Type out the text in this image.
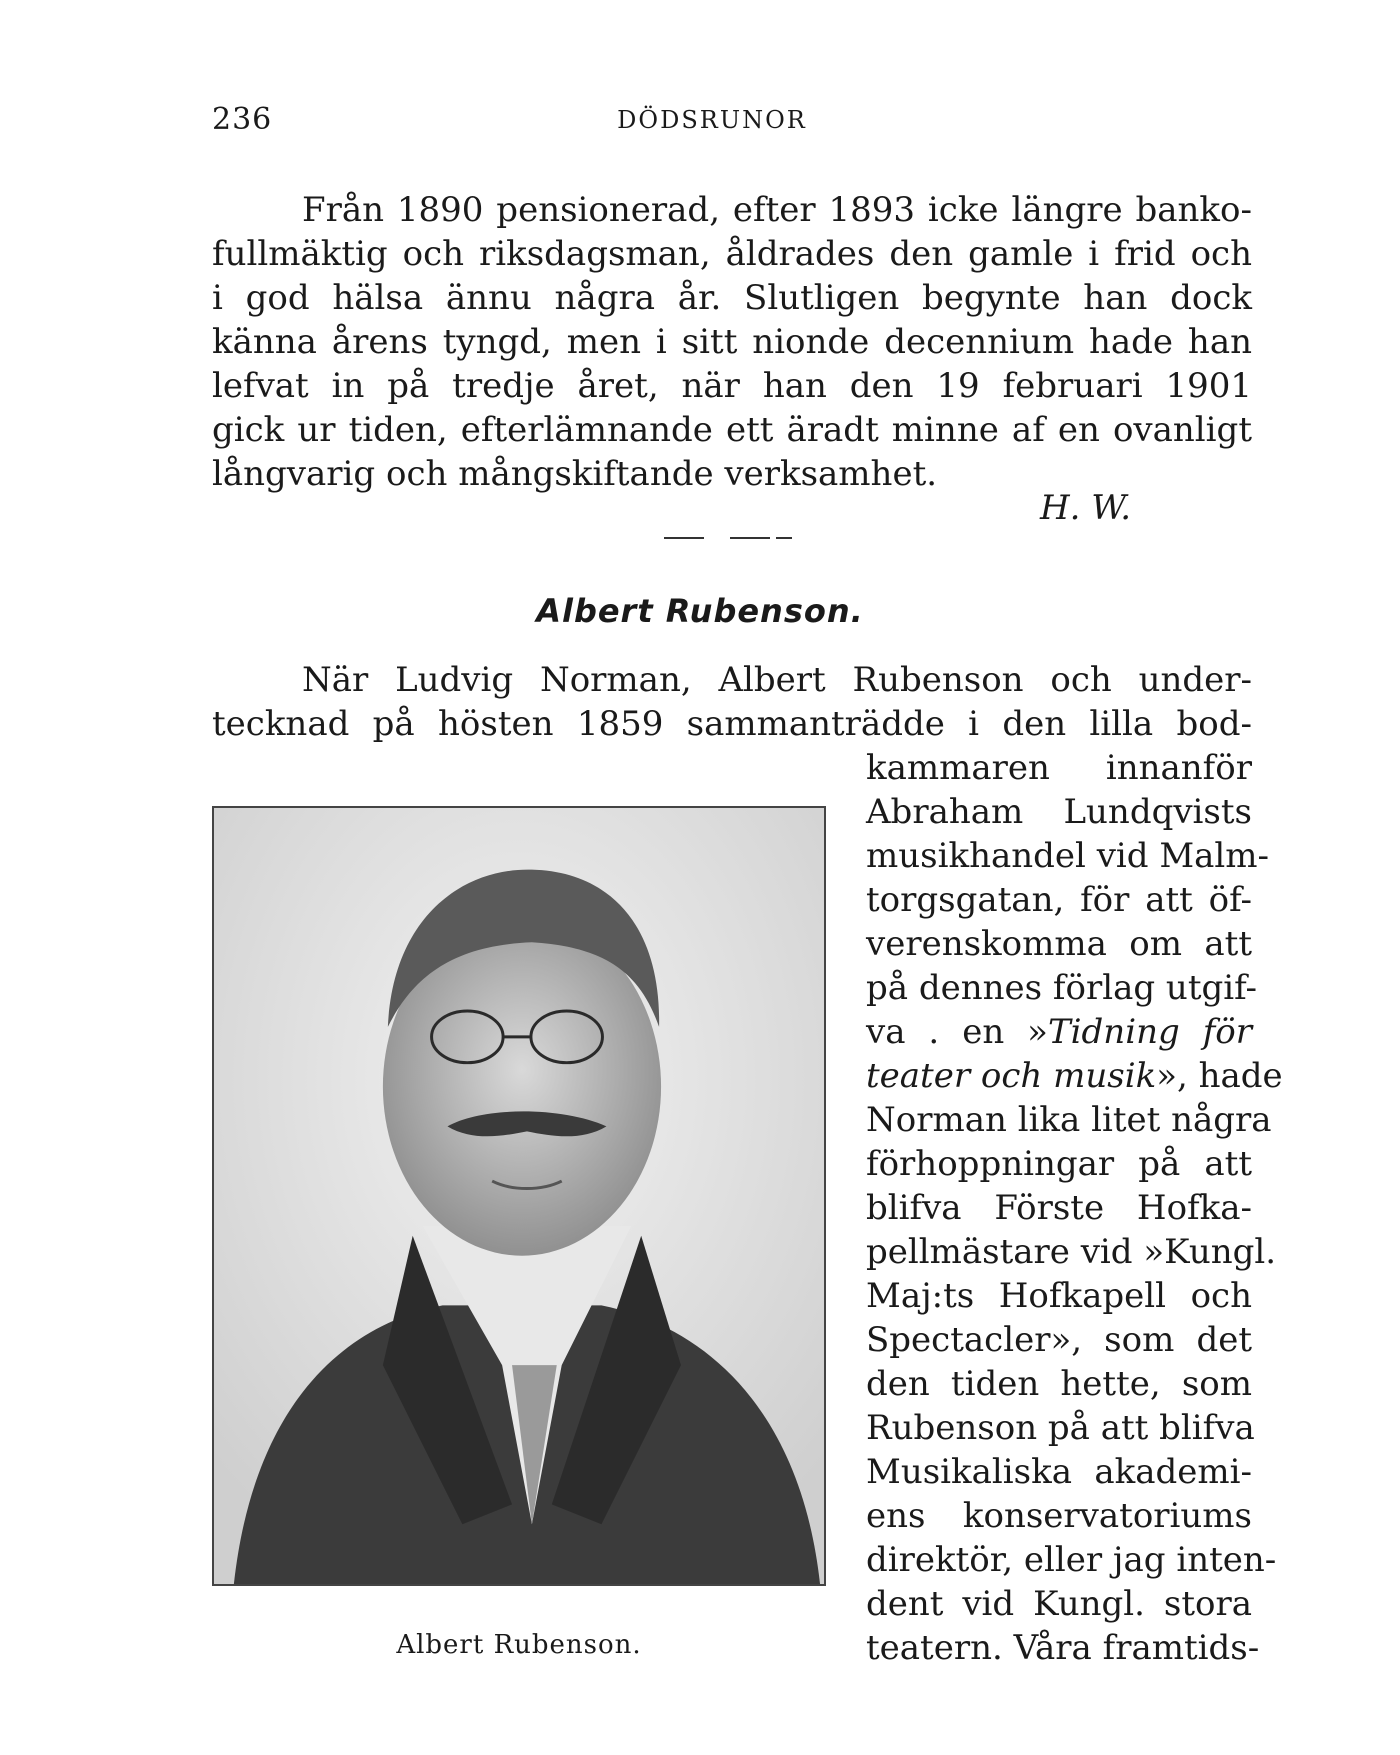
236	DÖDSRUNOR
Från 1890 pensionerad, efter 1893 icke längre banko-
fullmäktig och riksdagsman, åldrades den gamle i frid och
i god hälsa ännu några år. Slutligen begynte han dock
känna årens tyngd, men i sitt nionde decennium hade han
lefvat in på tredje året, när han den 19 februari 1901
gick ur tiden, efterlämnande ett äradt minne af en ovanligt
långvarig och mångskiftande verksamhet.
H. W.
Albert Rubenson.
När Ludvig Norman, Albert Rubenson och under-
tecknad på hösten 1859 sammanträdde i den lilla bod-
kammaren innanför
Abraham Lundqvists
musikhandel vid Malm-
torgsgatan, för att öf-
verenskomma om att
på dennes förlag utgif-
va . en »Tidning för
teater och musik», hade
Norman lika litet några
förhoppningar på att
blifva Förste Hofka-
pellmästare vid »Kungl.
Maj:ts Hofkapell och
Spectacler», som det
den tiden hette, som
Rubenson på att blifva
Musikaliska akademi-
ens konservatoriums
direktör, eller jag inten-
dent vid Kungl. stora
teatern. Våra framtids-
Albert Rubenson.
